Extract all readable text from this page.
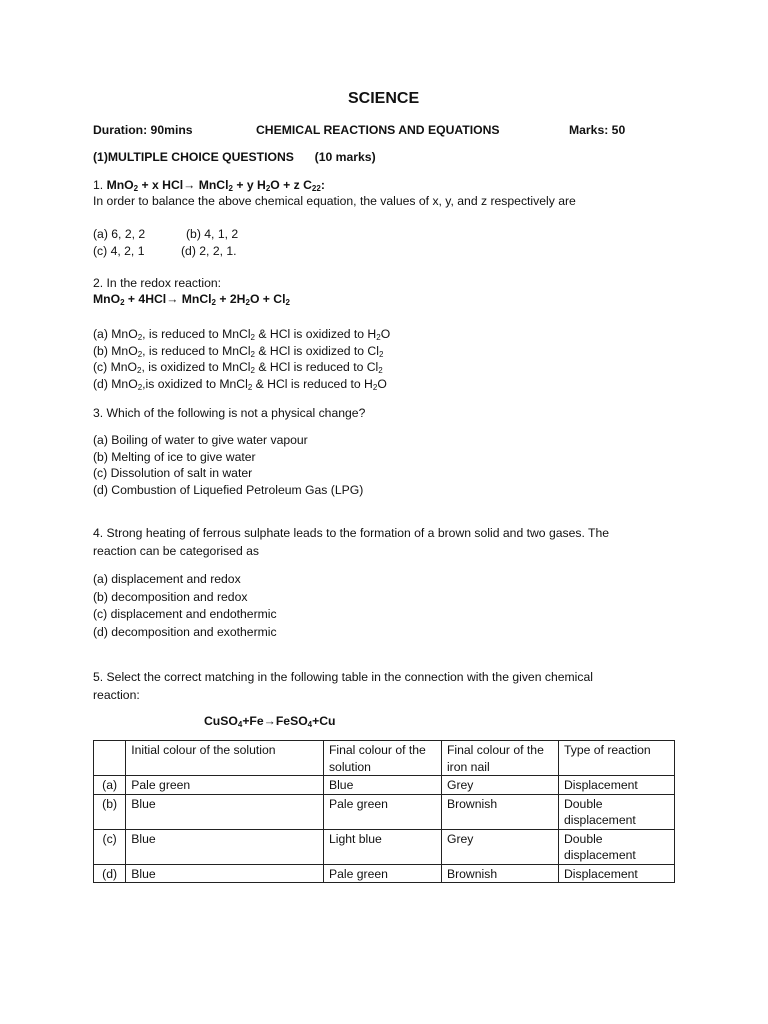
SCIENCE
Duration: 90mins	CHEMICAL REACTIONS AND EQUATIONS	Marks: 50
(1)MULTIPLE CHOICE QUESTIONS (10 marks)
1. MnO$_2$ + x HCl→ MnCl$_2$ + y $H_2O + z$ $C_{22}$:
In order to balance the above chemical equation, the values of x, y, and z respectively are
(a) 6, 2, 2	(b) 4, 1, 2
(c) 4, 2, 1	(d) 2, 2, 1.
2. In the redox reaction:
MnO$_2$ + 4HCl→ MnCl$_2$ + $2H_2O + Cl_2$
(a) MnO$_2$, is reduced to MnCl$_2$ & HCl is oxidized to $H_2O$
(b) MnO$_2$, is reduced to MnCl$_2$ & HCl is oxidized to $Cl_2$
(c) MnO$_2$, is oxidized to MnCl$_2$ & HCl is reduced to $Cl_2$
(d) MnO$_2$,is oxidized to MnCl$_2$ & HCl is reduced to $H_2O$
3. Which of the following is not a physical change?
(a) Boiling of water to give water vapour
(b) Melting of ice to give water
(c) Dissolution of salt in water
(d) Combustion of Liquefied Petroleum Gas (LPG)
4. Strong heating of ferrous sulphate leads to the formation of a brown solid and two gases. The
reaction can be categorised as
(a) displacement and redox
(b) decomposition and redox
(c) displacement and endothermic
(d) decomposition and exothermic
5. Select the correct matching in the following table in the connection with the given chemical
reaction:
CuSO$_4$+Fe→FeSO$_4$+Cu
	Initial colour of the solution	Final colour of the solution	Final colour of the iron nail	Type of reaction
(a)	Pale green	Blue	Grey	Displacement
(b)	Blue	Pale green	Brownish	Double displacement
(c)	Blue	Light blue	Grey	Double displacement
(d)	Blue	Pale green	Brownish	Displacement
